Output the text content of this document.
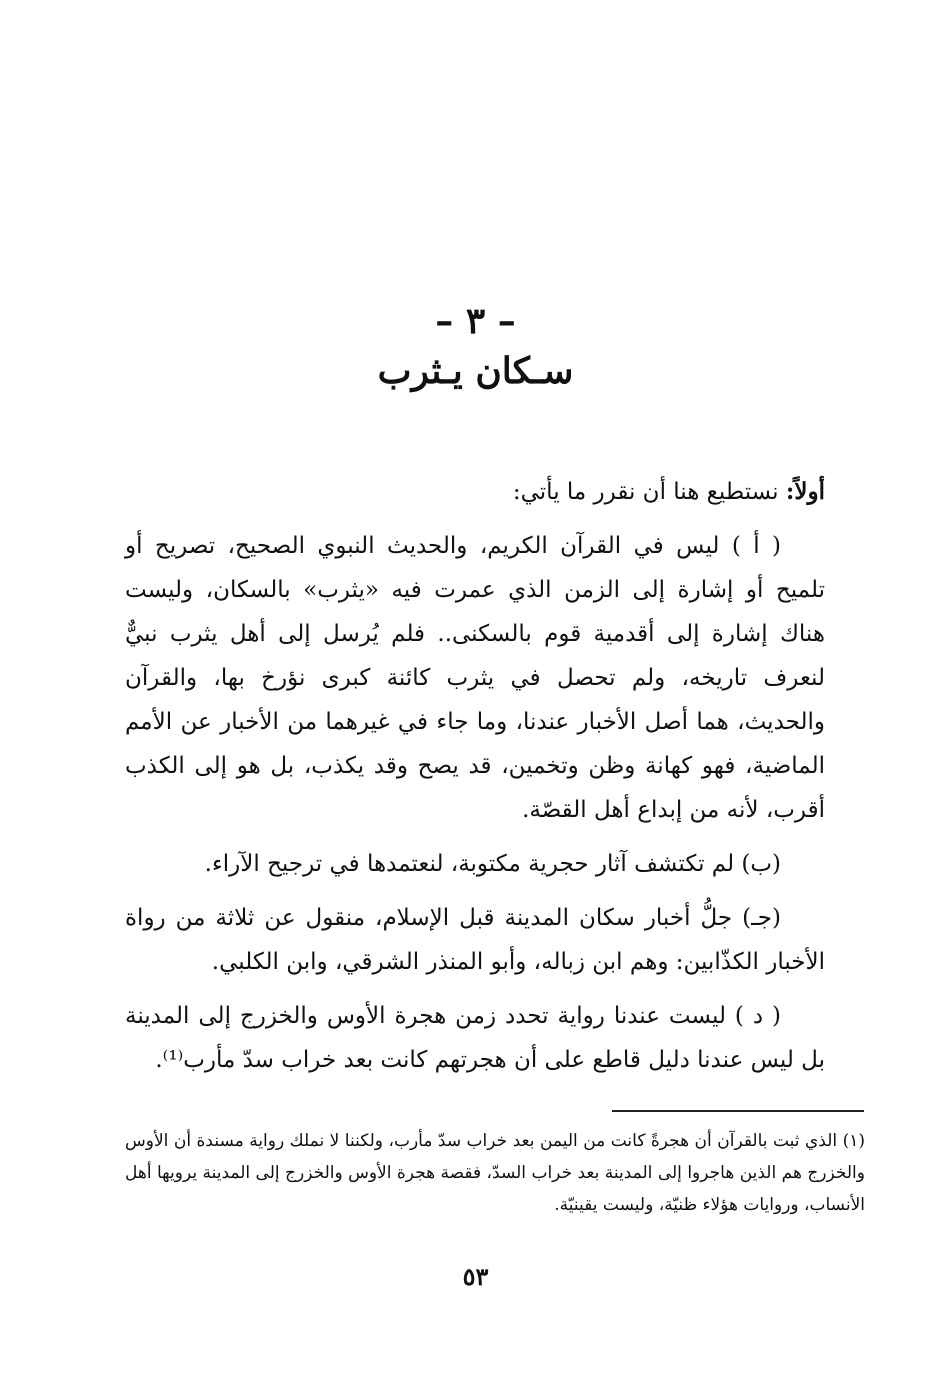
– ٣ –
سـكان يـثرب

أولاً: نستطيع هنا أن نقرر ما يأتي:

( أ ) ليس في القرآن الكريم، والحديث النبوي الصحيح، تصريح أو تلميح أو إشارة إلى الزمن الذي عمرت فيه «يثرب» بالسكان، وليست هناك إشارة إلى أقدمية قوم بالسكنى.. فلم يُرسل إلى أهل يثرب نبيٌّ لنعرف تاريخه، ولم تحصل في يثرب كائنة كبرى نؤرخ بها، والقرآن والحديث، هما أصل الأخبار عندنا، وما جاء في غيرهما من الأخبار عن الأمم الماضية، فهو كهانة وظن وتخمين، قد يصح وقد يكذب، بل هو إلى الكذب أقرب، لأنه من إبداع أهل القصّة.

(ب) لم تكتشف آثار حجرية مكتوبة، لنعتمدها في ترجيح الآراء.

(جـ) جلُّ أخبار سكان المدينة قبل الإسلام، منقول عن ثلاثة من رواة الأخبار الكذّابين: وهم ابن زباله، وأبو المنذر الشرقي، وابن الكلبي.

( د ) ليست عندنا رواية تحدد زمن هجرة الأوس والخزرج إلى المدينة بل ليس عندنا دليل قاطع على أن هجرتهم كانت بعد خراب سدّ مأرب⁽¹⁾.

(١) الذي ثبت بالقرآن أن هجرةً كانت من اليمن بعد خراب سدّ مأرب، ولكننا لا نملك رواية مسندة أن الأوس والخزرج هم الذين هاجروا إلى المدينة بعد خراب السدّ، فقصة هجرة الأوس والخزرج إلى المدينة يرويها أهل الأنساب، وروايات هؤلاء ظنيّة، وليست يقينيّة.
٥٣
